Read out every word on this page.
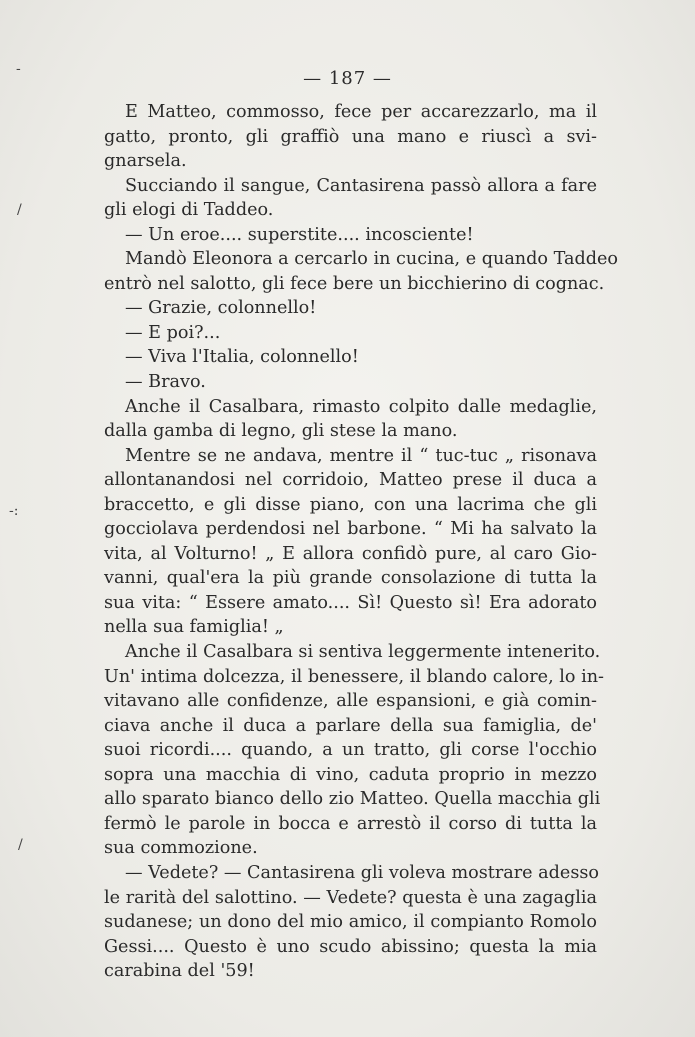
-
/
-:
/
— 187 —
E Matteo, commosso, fece per accarezzarlo, ma il
gatto, pronto, gli graffiò una mano e riuscì a svi-
gnarsela.
Succiando il sangue, Cantasirena passò allora a fare
gli elogi di Taddeo.
— Un eroe.... superstite.... incosciente!
Mandò Eleonora a cercarlo in cucina, e quando Taddeo
entrò nel salotto, gli fece bere un bicchierino di cognac.
— Grazie, colonnello!
— E poi?...
— Viva l'Italia, colonnello!
— Bravo.
Anche il Casalbara, rimasto colpito dalle medaglie,
dalla gamba di legno, gli stese la mano.
Mentre se ne andava, mentre il “ tuc-tuc „ risonava
allontanandosi nel corridoio, Matteo prese il duca a
braccetto, e gli disse piano, con una lacrima che gli
gocciolava perdendosi nel barbone. “ Mi ha salvato la
vita, al Volturno! „ E allora confidò pure, al caro Gio-
vanni, qual'era la più grande consolazione di tutta la
sua vita: “ Essere amato.... Sì! Questo sì! Era adorato
nella sua famiglia! „
Anche il Casalbara si sentiva leggermente intenerito.
Un' intima dolcezza, il benessere, il blando calore, lo in-
vitavano alle confidenze, alle espansioni, e già comin-
ciava anche il duca a parlare della sua famiglia, de'
suoi ricordi.... quando, a un tratto, gli corse l'occhio
sopra una macchia di vino, caduta proprio in mezzo
allo sparato bianco dello zio Matteo. Quella macchia gli
fermò le parole in bocca e arrestò il corso di tutta la
sua commozione.
— Vedete? — Cantasirena gli voleva mostrare adesso
le rarità del salottino. — Vedete? questa è una zagaglia
sudanese; un dono del mio amico, il compianto Romolo
Gessi.... Questo è uno scudo abissino; questa la mia
carabina del '59!
